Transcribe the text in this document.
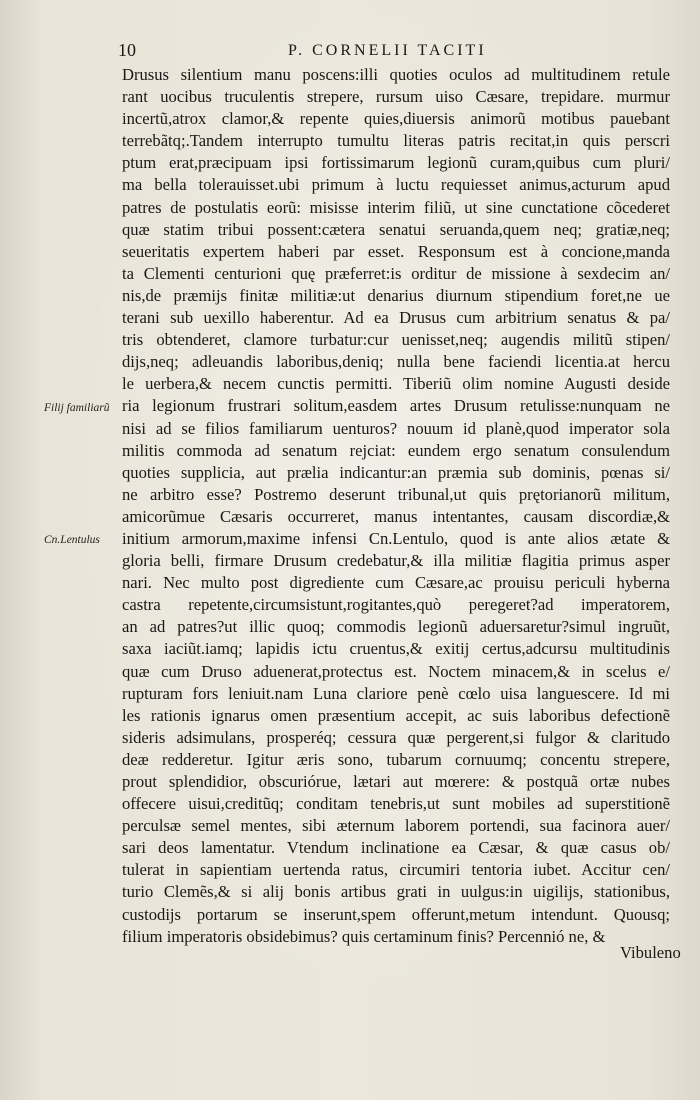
10	P. CORNELII TACITI
Drusus silentium manu poscens:illi quoties oculos ad multitudinem retule
rant uocibus truculentis strepere, rursum uiso Cæsare, trepidare. murmur
incertũ,atrox clamor,& repente quies,diuersis animorũ motibus pauebant
terrebãtq;.Tandem interrupto tumultu literas patris recitat,in quis perscri
ptum erat,præcipuam ipsi fortissimarum legionũ curam,quibus cum pluri/
ma bella tolerauisset.ubi primum à luctu requiesset animus,acturum apud
patres de postulatis eorũ: misisse interim filiũ, ut sine cunctatione cõcederet
quæ statim tribui possent:cætera senatui seruanda,quem neq; gratiæ,neq;
seueritatis expertem haberi par esset. Responsum est à concione,manda
ta Clementi centurioni quę præferret:is orditur de missione à sexdecim an/
nis,de præmijs finitæ militiæ:ut denarius diurnum stipendium foret,ne ue
terani sub uexillo haberentur. Ad ea Drusus cum arbitrium senatus & pa/
tris obtenderet, clamore turbatur:cur uenisset,neq; augendis militũ stipen/
dijs,neq; adleuandis laboribus,deniq; nulla bene faciendi licentia.at hercu
le uerbera,& necem cunctis permitti. Tiberiũ olim nomine Augusti deside
ria legionum frustrari solitum,easdem artes Drusum retulisse:nunquam ne
nisi ad se filios familiarum uenturos? nouum id planè,quod imperator sola
militis commoda ad senatum rejciat: eundem ergo senatum consulendum
quoties supplicia, aut prælia indicantur:an præmia sub dominis, pœnas si/
ne arbitro esse? Postremo deserunt tribunal,ut quis prętorianorũ militum,
amicorũmue Cæsaris occurreret, manus intentantes, causam discordiæ,&
initium armorum,maxime infensi Cn.Lentulo, quod is ante alios ætate &
gloria belli, firmare Drusum credebatur,& illa militiæ flagitia primus asper
nari. Nec multo post digrediente cum Cæsare,ac prouisu periculi hyberna
castra repetente,circumsistunt,rogitantes,quò peregeret?ad imperatorem,
an ad patres?ut illic quoq; commodis legionũ aduersaretur?simul ingruũt,
saxa iaciũt.iamq; lapidis ictu cruentus,& exitij certus,adcursu multitudinis
quæ cum Druso aduenerat,protectus est. Noctem minacem,& in scelus e/
rupturam fors leniuit.nam Luna clariore penè cœlo uisa languescere. Id mi
les rationis ignarus omen præsentium accepit, ac suis laboribus defectionẽ
sideris adsimulans, prosperéq; cessura quæ pergerent,si fulgor & claritudo
deæ redderetur. Igitur æris sono, tubarum cornuumq; concentu strepere,
prout splendidior, obscuriórue, lætari aut mœrere: & postquã ortæ nubes
offecere uisui,creditũq; conditam tenebris,ut sunt mobiles ad superstitionẽ
perculsæ semel mentes, sibi æternum laborem portendi, sua facinora auer/
sari deos lamentatur. Vtendum inclinatione ea Cæsar, & quæ casus ob/
tulerat in sapientiam uertenda ratus, circumiri tentoria iubet. Accitur cen/
turio Clemẽs,& si alij bonis artibus grati in uulgus:in uigilijs, stationibus,
custodijs portarum se inserunt,spem offerunt,metum intendunt. Quousq;
filium imperatoris obsidebimus? quis certaminum finis? Percennió ne, &
Filij familiarũ
Cn.Lentulus
Vibuleno
